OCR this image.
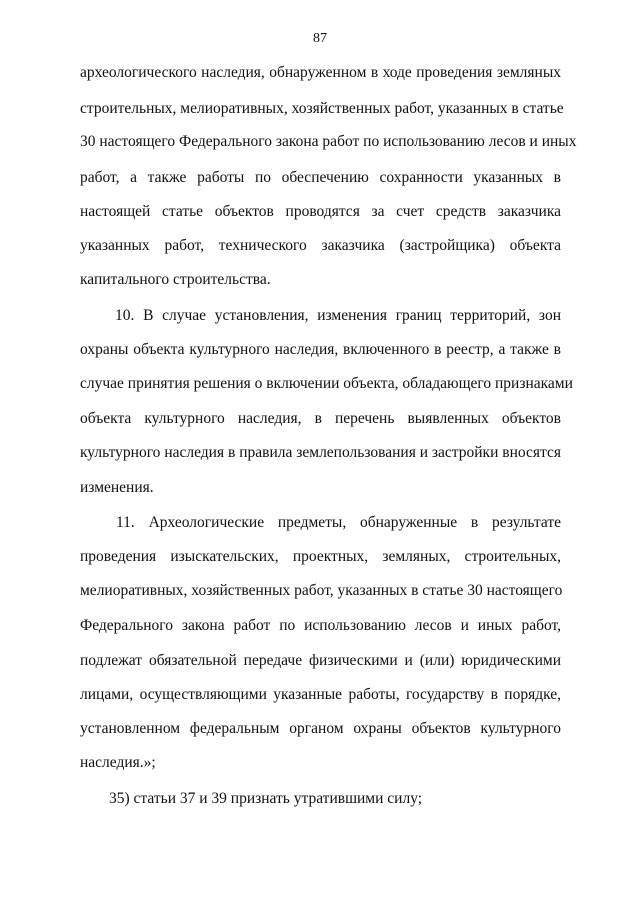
87
археологического наследия, обнаруженном в ходе проведения земляных
строительных, мелиоративных, хозяйственных работ, указанных в статье
30 настоящего Федерального закона работ по использованию лесов и иных
работ, а также работы по обеспечению сохранности указанных в
настоящей статье объектов проводятся за счет средств заказчика
указанных работ, технического заказчика (застройщика) объекта
капитального строительства.
10. В случае установления, изменения границ территорий, зон
охраны объекта культурного наследия, включенного в реестр, а также в
случае принятия решения о включении объекта, обладающего признаками
объекта культурного наследия, в перечень выявленных объектов
культурного наследия в правила землепользования и застройки вносятся
изменения.
11. Археологические предметы, обнаруженные в результате
проведения изыскательских, проектных, земляных, строительных,
мелиоративных, хозяйственных работ, указанных в статье 30 настоящего
Федерального закона работ по использованию лесов и иных работ,
подлежат обязательной передаче физическими и (или) юридическими
лицами, осуществляющими указанные работы, государству в порядке,
установленном федеральным органом охраны объектов культурного
наследия.»;
35) статьи 37 и 39 признать утратившими силу;
